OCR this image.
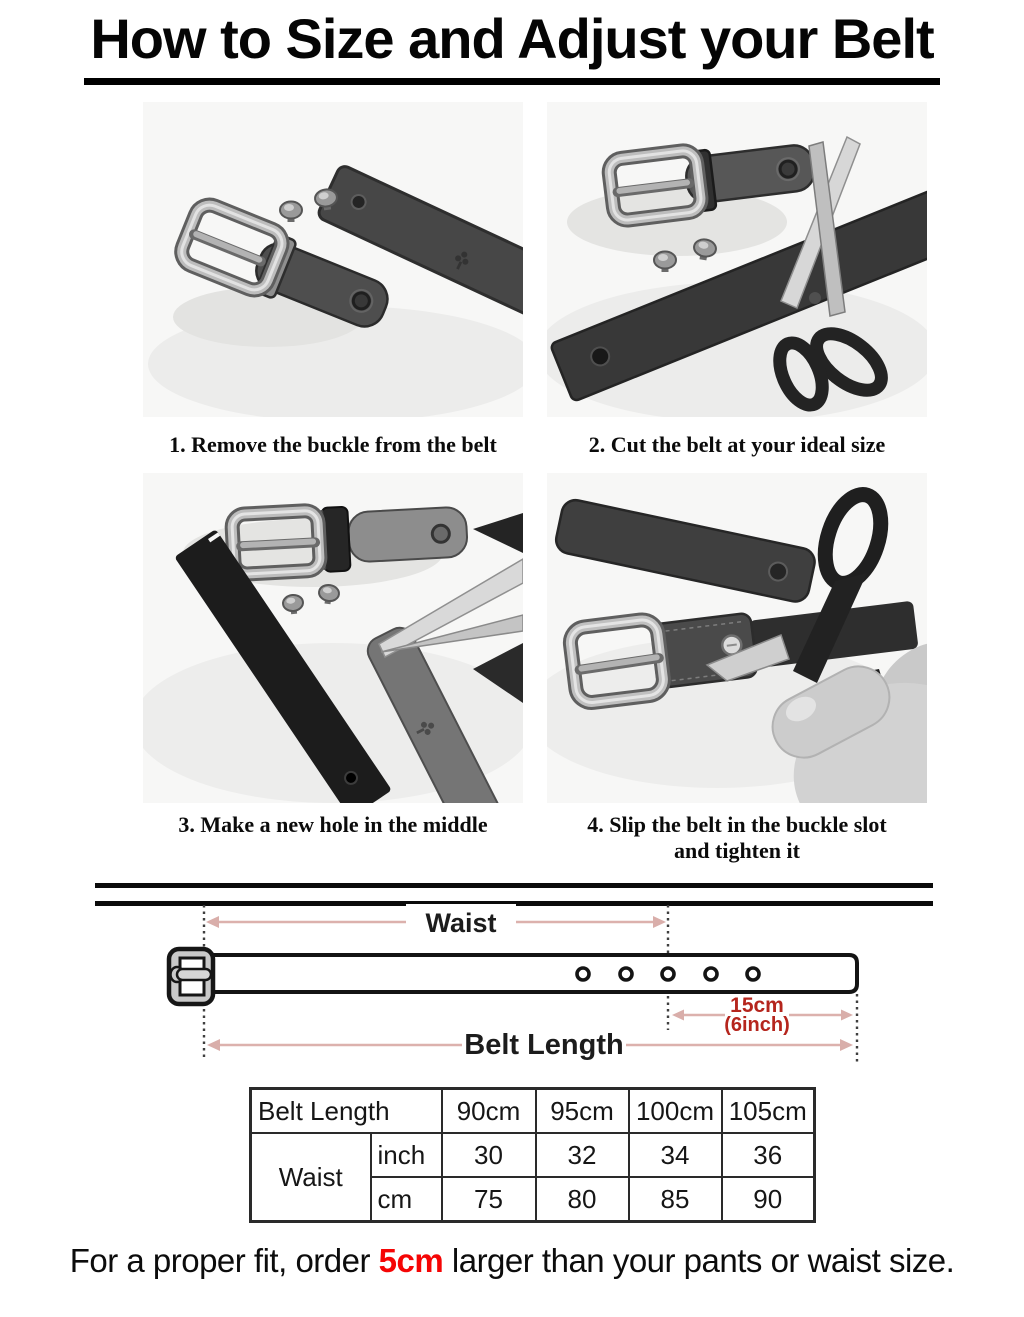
How to Size and Adjust your Belt
1. Remove the buckle from the belt	2. Cut the belt at your ideal size
3. Make a new hole in the middle	4. Slip the belt in the buckle slot
and tighten it
Waist
15cm
(6inch)
Belt Length
Belt Length		90cm	95cm	100cm	105cm
Waist	inch	30	32	34	36
	cm	75	80	85	90
For a proper fit, order 5cm larger than your pants or waist size.
